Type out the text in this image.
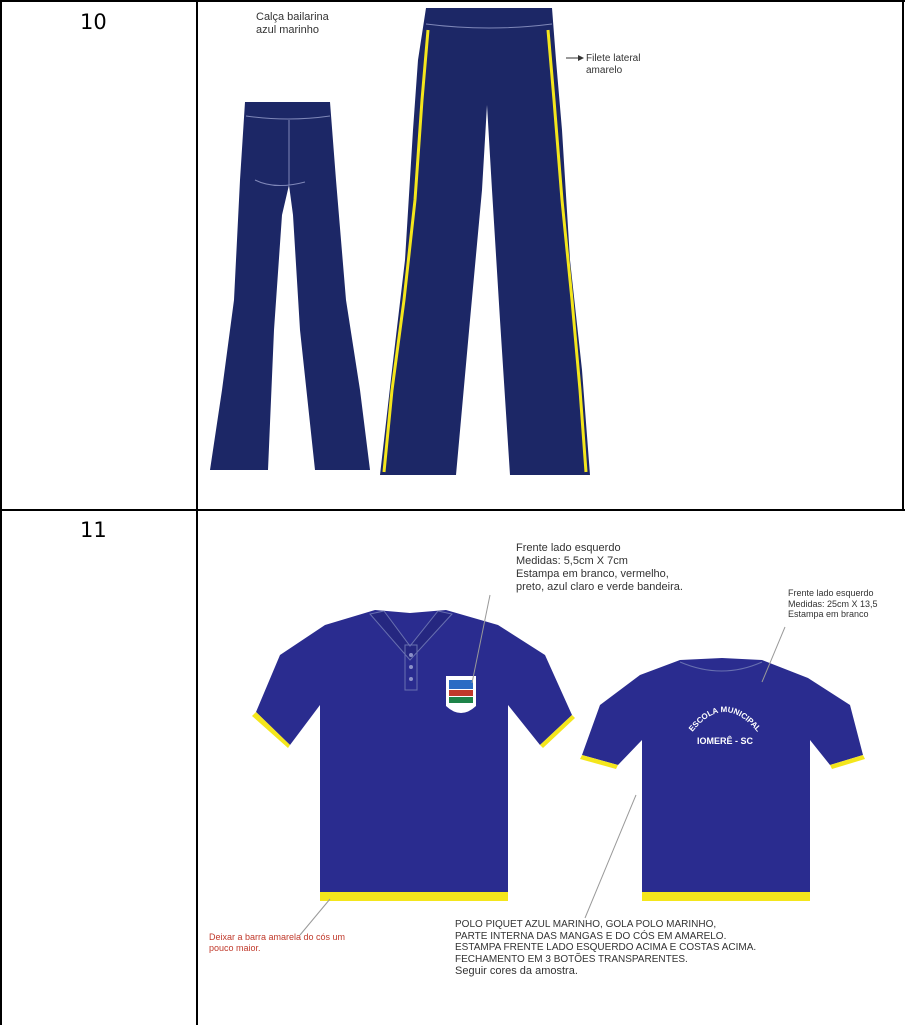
10
11
ESCOLA MUNICIPAL
IOMERÊ - SC
Calça bailarina
azul marinho
Filete lateral
amarelo
Frente lado esquerdo
Medidas: 5,5cm X 7cm
Estampa em branco, vermelho,
preto, azul claro e verde bandeira.
Frente lado esquerdo
Medidas: 25cm X 13,5
Estampa em branco
Deixar a barra amarela do cós um
pouco maior.
POLO PIQUET AZUL MARINHO, GOLA POLO MARINHO,
PARTE INTERNA DAS MANGAS E DO CÓS EM AMARELO.
ESTAMPA FRENTE LADO ESQUERDO ACIMA E COSTAS ACIMA.
FECHAMENTO EM 3 BOTÕES TRANSPARENTES.
Seguir cores da amostra.
